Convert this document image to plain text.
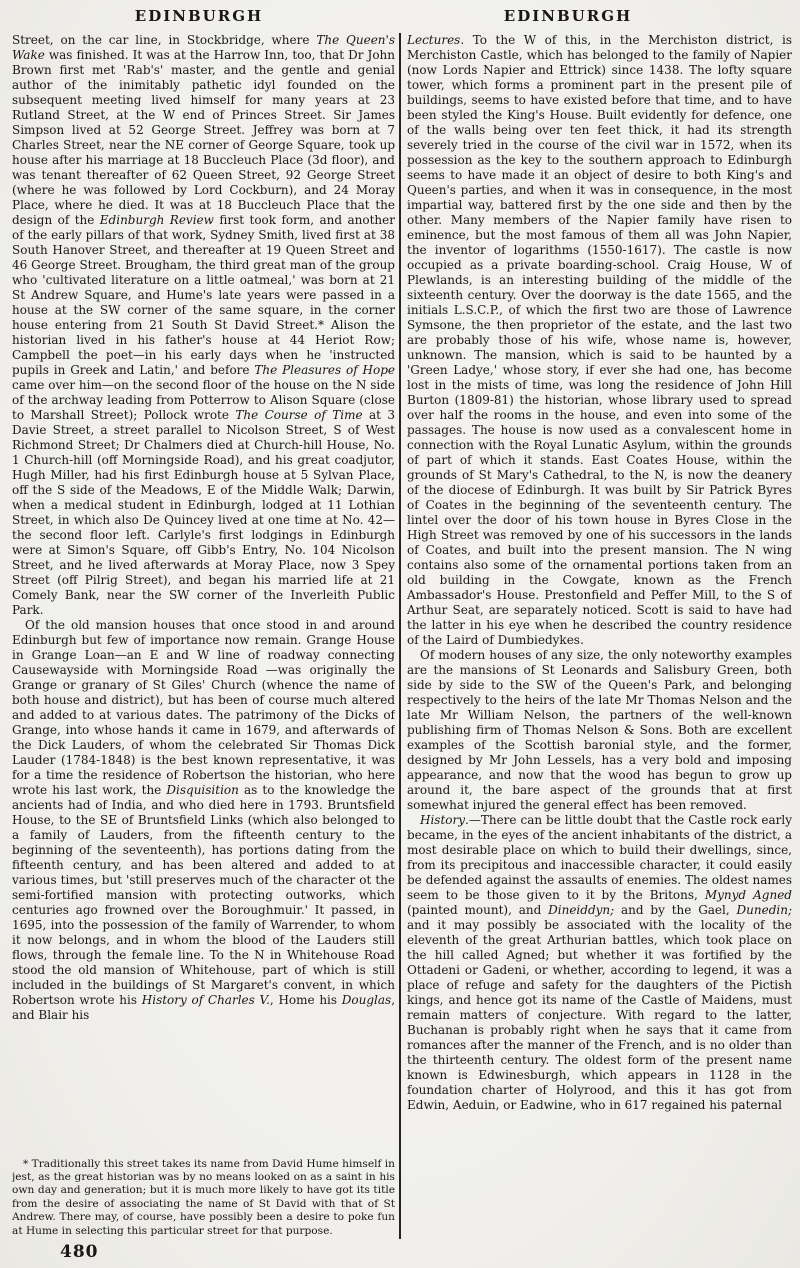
EDINBURGH	EDINBURGH

Street, on the car line, in Stockbridge, where The Queen's Wake was finished. It was at the Harrow Inn, too, that Dr John Brown first met 'Rab's' master, and the gentle and genial author of the inimitably pathetic idyl founded on the subsequent meeting lived himself for many years at 23 Rutland Street, at the W end of Princes Street. Sir James Simpson lived at 52 George Street. Jeffrey was born at 7 Charles Street, near the NE corner of George Square, took up house after his marriage at 18 Buccleuch Place (3d floor), and was tenant thereafter of 62 Queen Street, 92 George Street (where he was followed by Lord Cockburn), and 24 Moray Place, where he died. It was at 18 Buccleuch Place that the design of the Edinburgh Review first took form, and another of the early pillars of that work, Sydney Smith, lived first at 38 South Hanover Street, and thereafter at 19 Queen Street and 46 George Street. Brougham, the third great man of the group who 'cultivated literature on a little oatmeal,' was born at 21 St Andrew Square, and Hume's late years were passed in a house at the SW corner of the same square, in the corner house entering from 21 South St David Street.* Alison the historian lived in his father's house at 44 Heriot Row; Campbell the poet—in his early days when he 'instructed pupils in Greek and Latin,' and before The Pleasures of Hope came over him—on the second floor of the house on the N side of the archway leading from Potterrow to Alison Square (close to Marshall Street); Pollock wrote The Course of Time at 3 Davie Street, a street parallel to Nicolson Street, S of West Richmond Street; Dr Chalmers died at Church-hill House, No. 1 Church-hill (off Morningside Road), and his great coadjutor, Hugh Miller, had his first Edinburgh house at 5 Sylvan Place, off the S side of the Meadows, E of the Middle Walk; Darwin, when a medical student in Edinburgh, lodged at 11 Lothian Street, in which also De Quincey lived at one time at No. 42—the second floor left. Carlyle's first lodgings in Edinburgh were at Simon's Square, off Gibb's Entry, No. 104 Nicolson Street, and he lived afterwards at Moray Place, now 3 Spey Street (off Pilrig Street), and began his married life at 21 Comely Bank, near the SW corner of the Inverleith Public Park.

Of the old mansion houses that once stood in and around Edinburgh but few of importance now remain. Grange House in Grange Loan—an E and W line of roadway connecting Causewayside with Morningside Road —was originally the Grange or granary of St Giles' Church (whence the name of both house and district), but has been of course much altered and added to at various dates. The patrimony of the Dicks of Grange, into whose hands it came in 1679, and afterwards of the Dick Lauders, of whom the celebrated Sir Thomas Dick Lauder (1784-1848) is the best known representative, it was for a time the residence of Robertson the historian, who here wrote his last work, the Disquisition as to the knowledge the ancients had of India, and who died here in 1793. Bruntsfield House, to the SE of Bruntsfield Links (which also belonged to a family of Lauders, from the fifteenth century to the beginning of the seventeenth), has portions dating from the fifteenth century, and has been altered and added to at various times, but 'still preserves much of the character ot the semi-fortified mansion with protecting outworks, which centuries ago frowned over the Boroughmuir.' It passed, in 1695, into the possession of the family of Warrender, to whom it now belongs, and in whom the blood of the Lauders still flows, through the female line. To the N in Whitehouse Road stood the old mansion of Whitehouse, part of which is still included in the buildings of St Margaret's convent, in which Robertson wrote his History of Charles V., Home his Douglas, and Blair his

* Traditionally this street takes its name from David Hume himself in jest, as the great historian was by no means looked on as a saint in his own day and generation; but it is much more likely to have got its title from the desire of associating the name of St David with that of St Andrew. There may, of course, have possibly been a desire to poke fun at Hume in selecting this particular street for that purpose.

480

Lectures. To the W of this, in the Merchiston district, is Merchiston Castle, which has belonged to the family of Napier (now Lords Napier and Ettrick) since 1438. The lofty square tower, which forms a prominent part in the present pile of buildings, seems to have existed before that time, and to have been styled the King's House. Built evidently for defence, one of the walls being over ten feet thick, it had its strength severely tried in the course of the civil war in 1572, when its possession as the key to the southern approach to Edinburgh seems to have made it an object of desire to both King's and Queen's parties, and when it was in consequence, in the most impartial way, battered first by the one side and then by the other. Many members of the Napier family have risen to eminence, but the most famous of them all was John Napier, the inventor of logarithms (1550-1617). The castle is now occupied as a private boarding-school. Craig House, W of Plewlands, is an interesting building of the middle of the sixteenth century. Over the doorway is the date 1565, and the initials L.S.C.P., of which the first two are those of Lawrence Symsone, the then proprietor of the estate, and the last two are probably those of his wife, whose name is, however, unknown. The mansion, which is said to be haunted by a 'Green Ladye,' whose story, if ever she had one, has become lost in the mists of time, was long the residence of John Hill Burton (1809-81) the historian, whose library used to spread over half the rooms in the house, and even into some of the passages. The house is now used as a convalescent home in connection with the Royal Lunatic Asylum, within the grounds of part of which it stands. East Coates House, within the grounds of St Mary's Cathedral, to the N, is now the deanery of the diocese of Edinburgh. It was built by Sir Patrick Byres of Coates in the beginning of the seventeenth century. The lintel over the door of his town house in Byres Close in the High Street was removed by one of his successors in the lands of Coates, and built into the present mansion. The N wing contains also some of the ornamental portions taken from an old building in the Cowgate, known as the French Ambassador's House. Prestonfield and Peffer Mill, to the S of Arthur Seat, are separately noticed. Scott is said to have had the latter in his eye when he described the country residence of the Laird of Dumbiedykes.

Of modern houses of any size, the only noteworthy examples are the mansions of St Leonards and Salisbury Green, both side by side to the SW of the Queen's Park, and belonging respectively to the heirs of the late Mr Thomas Nelson and the late Mr William Nelson, the partners of the well-known publishing firm of Thomas Nelson & Sons. Both are excellent examples of the Scottish baronial style, and the former, designed by Mr John Lessels, has a very bold and imposing appearance, and now that the wood has begun to grow up around it, the bare aspect of the grounds that at first somewhat injured the general effect has been removed.

History.—There can be little doubt that the Castle rock early became, in the eyes of the ancient inhabitants of the district, a most desirable place on which to build their dwellings, since, from its precipitous and inaccessible character, it could easily be defended against the assaults of enemies. The oldest names seem to be those given to it by the Britons, Mynyd Agned (painted mount), and Dineiddyn; and by the Gael, Dunedin; and it may possibly be associated with the locality of the eleventh of the great Arthurian battles, which took place on the hill called Agned; but whether it was fortified by the Ottadeni or Gadeni, or whether, according to legend, it was a place of refuge and safety for the daughters of the Pictish kings, and hence got its name of the Castle of Maidens, must remain matters of conjecture. With regard to the latter, Buchanan is probably right when he says that it came from romances after the manner of the French, and is no older than the thirteenth century. The oldest form of the present name known is Edwinesburgh, which appears in 1128 in the foundation charter of Holyrood, and this it has got from Edwin, Aeduin, or Eadwine, who in 617 regained his paternal
